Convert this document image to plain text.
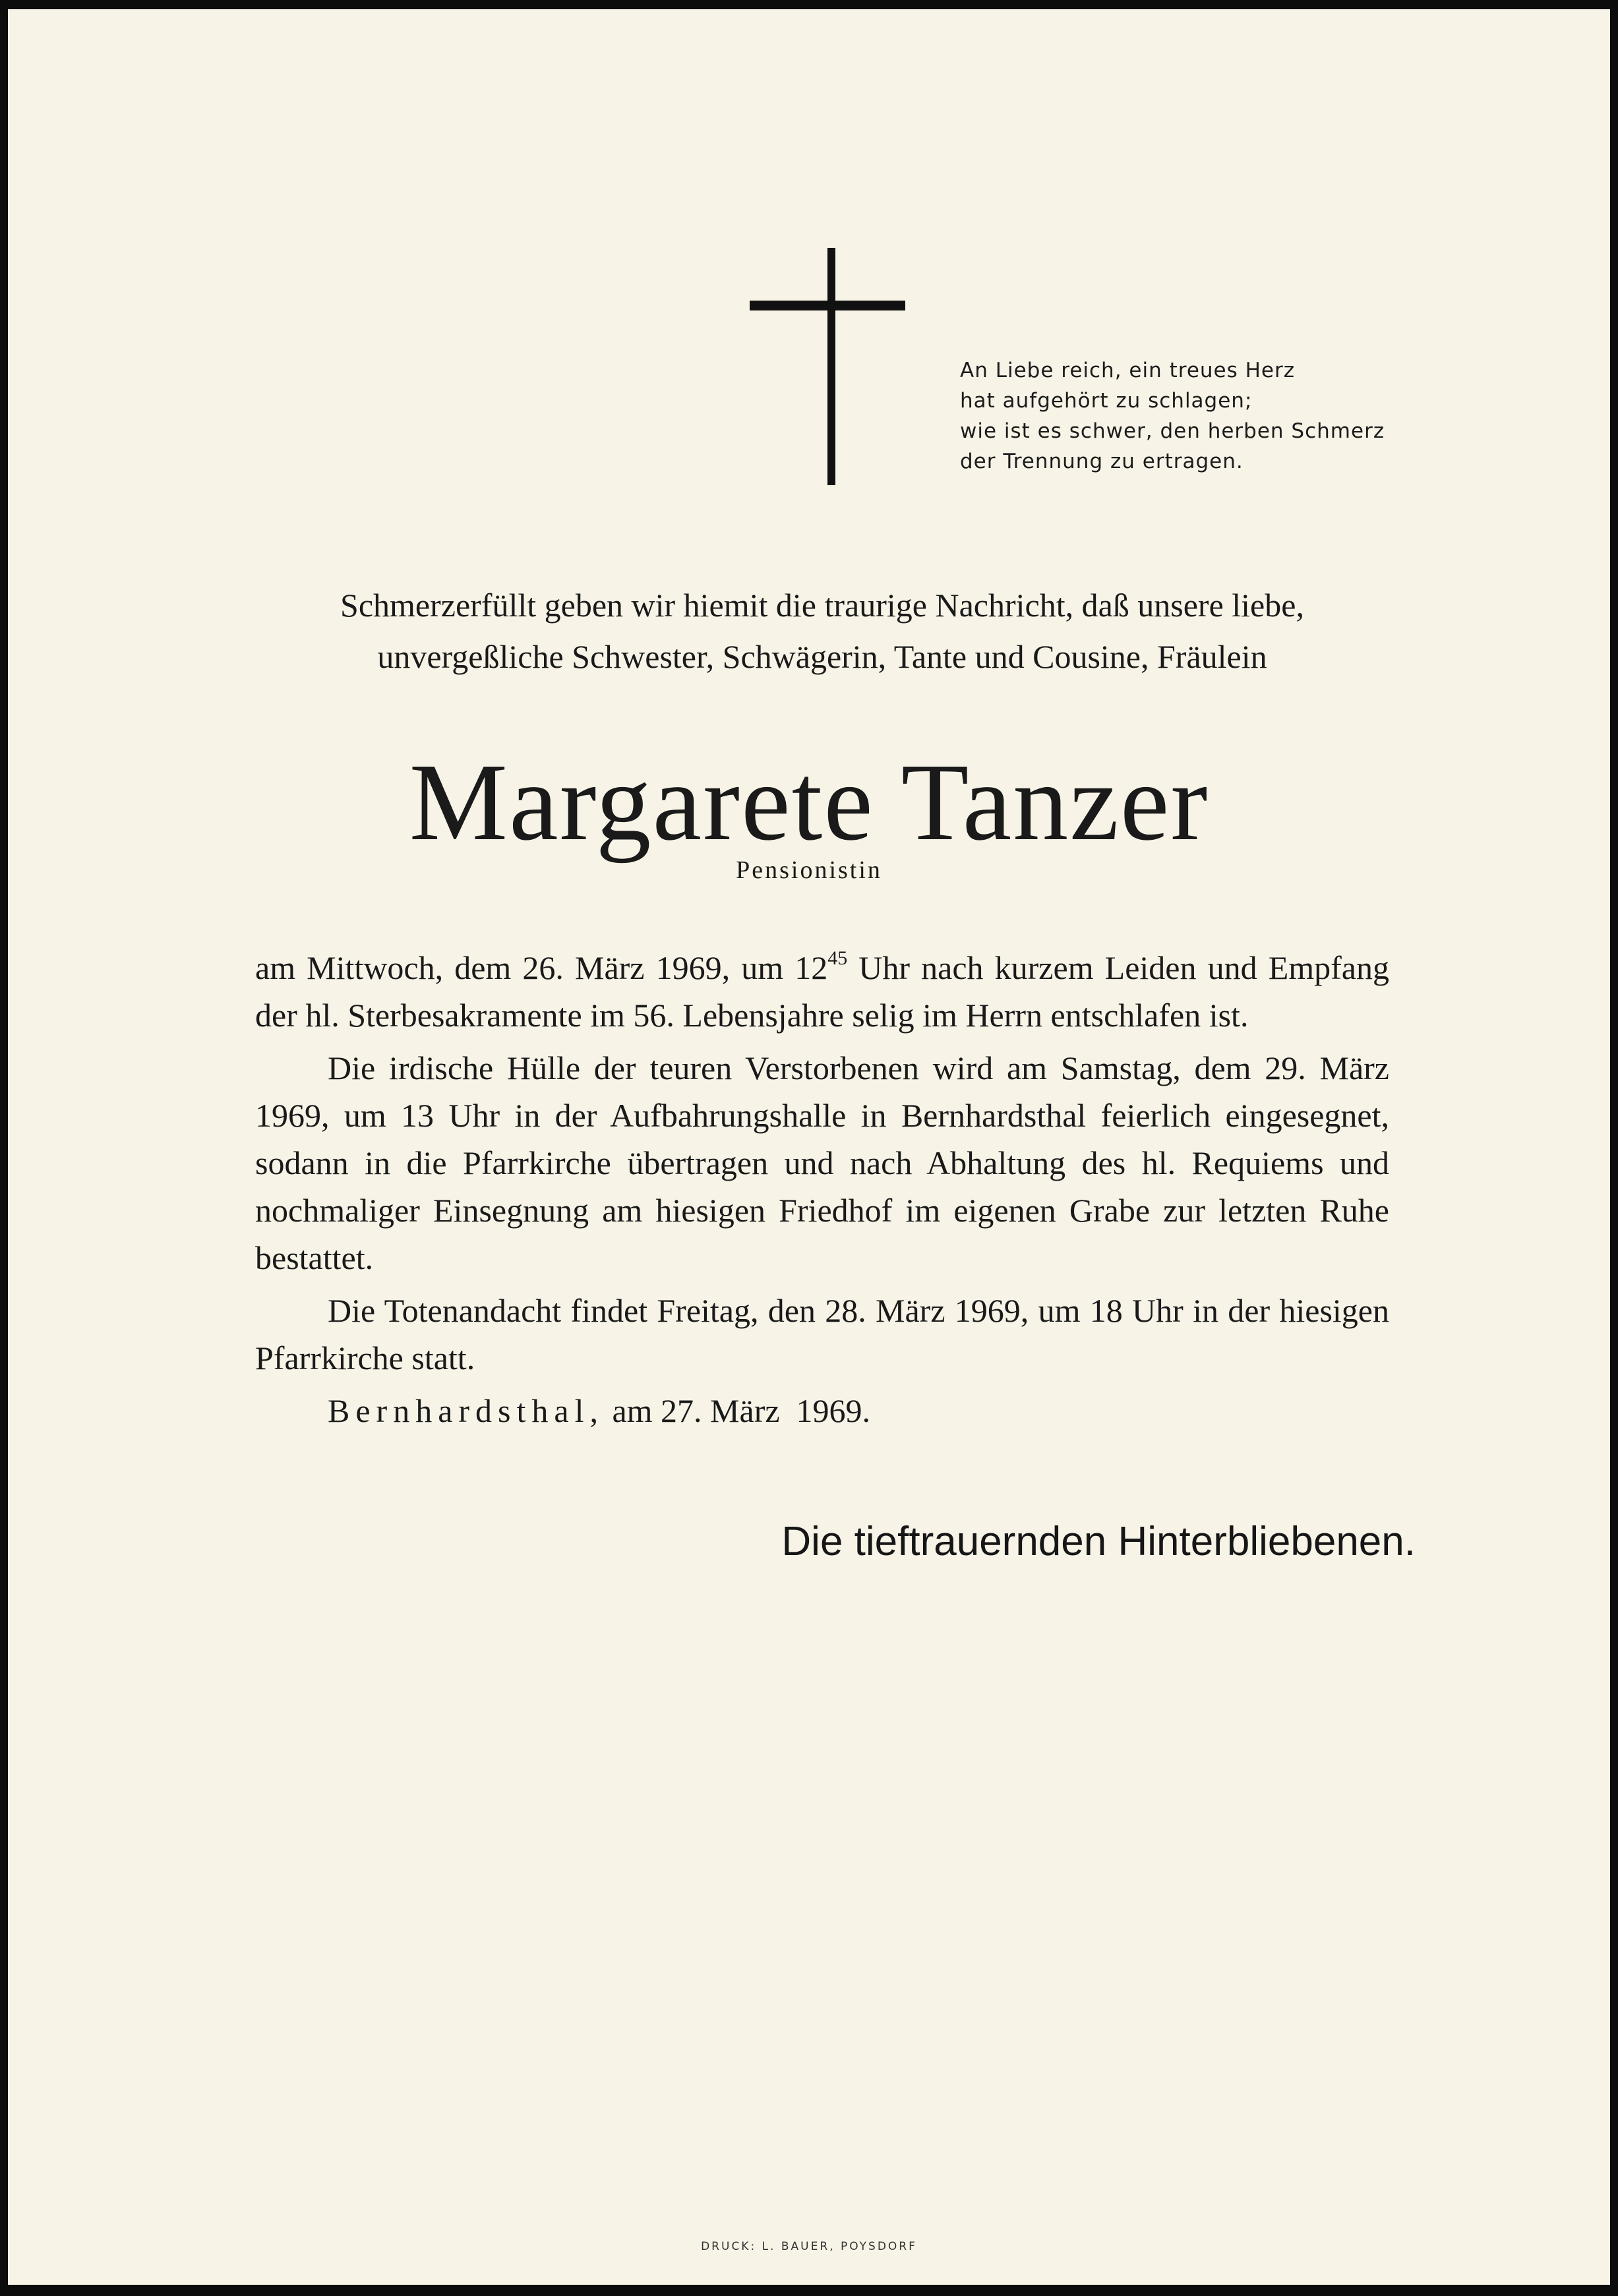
An Liebe reich, ein treues Herz
hat aufgehört zu schlagen;
wie ist es schwer, den herben Schmerz
der Trennung zu ertragen.
Schmerzerfüllt geben wir hiemit die traurige Nachricht, daß unsere liebe, unvergeßliche Schwester, Schwägerin, Tante und Cousine, Fräulein
Margarete Tanzer
Pensionistin

am Mittwoch, dem 26. März 1969, um $12^{45}$ Uhr nach kurzem Leiden und Empfang der hl. Sterbesakramente im 56. Lebensjahre selig im Herrn entschlafen ist.

Die irdische Hülle der teuren Verstorbenen wird am Samstag, dem 29. März 1969, um 13 Uhr in der Aufbahrungshalle in Bernhardsthal feierlich eingesegnet, sodann in die Pfarrkirche übertragen und nach Abhaltung des hl. Requiems und nochmaliger Einsegnung am hiesigen Friedhof im eigenen Grabe zur letzten Ruhe bestattet.

Die Totenandacht findet Freitag, den 28. März 1969, um 18 Uhr in der hiesigen Pfarrkirche statt.

Bernhardsthal, am 27. März  1969.

Die tieftrauernden Hinterbliebenen.
DRUCK: L. BAUER, POYSDORF
